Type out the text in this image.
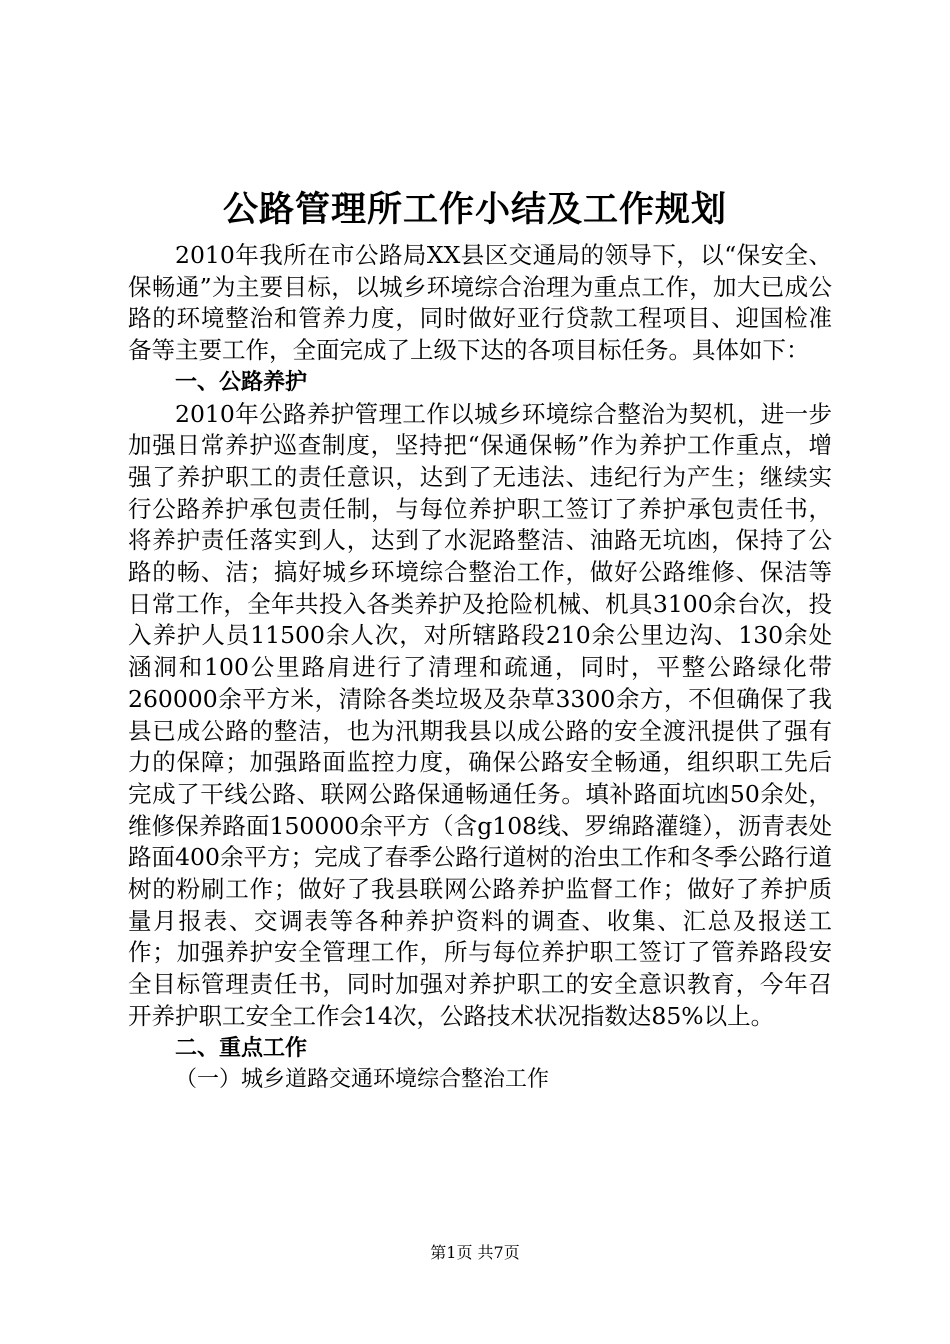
公路管理所工作小结及工作规划

2010年我所在市公路局XX县区交通局的领导下，以“保安全、保畅通”为主要目标，以城乡环境综合治理为重点工作，加大已成公路的环境整治和管养力度，同时做好亚行贷款工程项目、迎国检准备等主要工作，全面完成了上级下达的各项目标任务。具体如下：

一、公路养护

2010年公路养护管理工作以城乡环境综合整治为契机，进一步加强日常养护巡查制度，坚持把“保通保畅”作为养护工作重点，增强了养护职工的责任意识，达到了无违法、违纪行为产生；继续实行公路养护承包责任制，与每位养护职工签订了养护承包责任书，将养护责任落实到人，达到了水泥路整洁、油路无坑凼，保持了公路的畅、洁；搞好城乡环境综合整治工作，做好公路维修、保洁等日常工作，全年共投入各类养护及抢险机械、机具3100余台次，投入养护人员11500余人次，对所辖路段210余公里边沟、130余处涵洞和100公里路肩进行了清理和疏通，同时，平整公路绿化带260000余平方米，清除各类垃圾及杂草3300余方，不但确保了我县已成公路的整洁，也为汛期我县以成公路的安全渡汛提供了强有力的保障；加强路面监控力度，确保公路安全畅通，组织职工先后完成了干线公路、联网公路保通畅通任务。填补路面坑凼50余处，维修保养路面150000余平方（含g108线、罗绵路灌缝），沥青表处路面400余平方；完成了春季公路行道树的治虫工作和冬季公路行道树的粉刷工作；做好了我县联网公路养护监督工作；做好了养护质量月报表、交调表等各种养护资料的调查、收集、汇总及报送工作；加强养护安全管理工作，所与每位养护职工签订了管养路段安全目标管理责任书，同时加强对养护职工的安全意识教育，今年召开养护职工安全工作会14次，公路技术状况指数达85%以上。

二、重点工作

（一）城乡道路交通环境综合整治工作

第1页 共7页
